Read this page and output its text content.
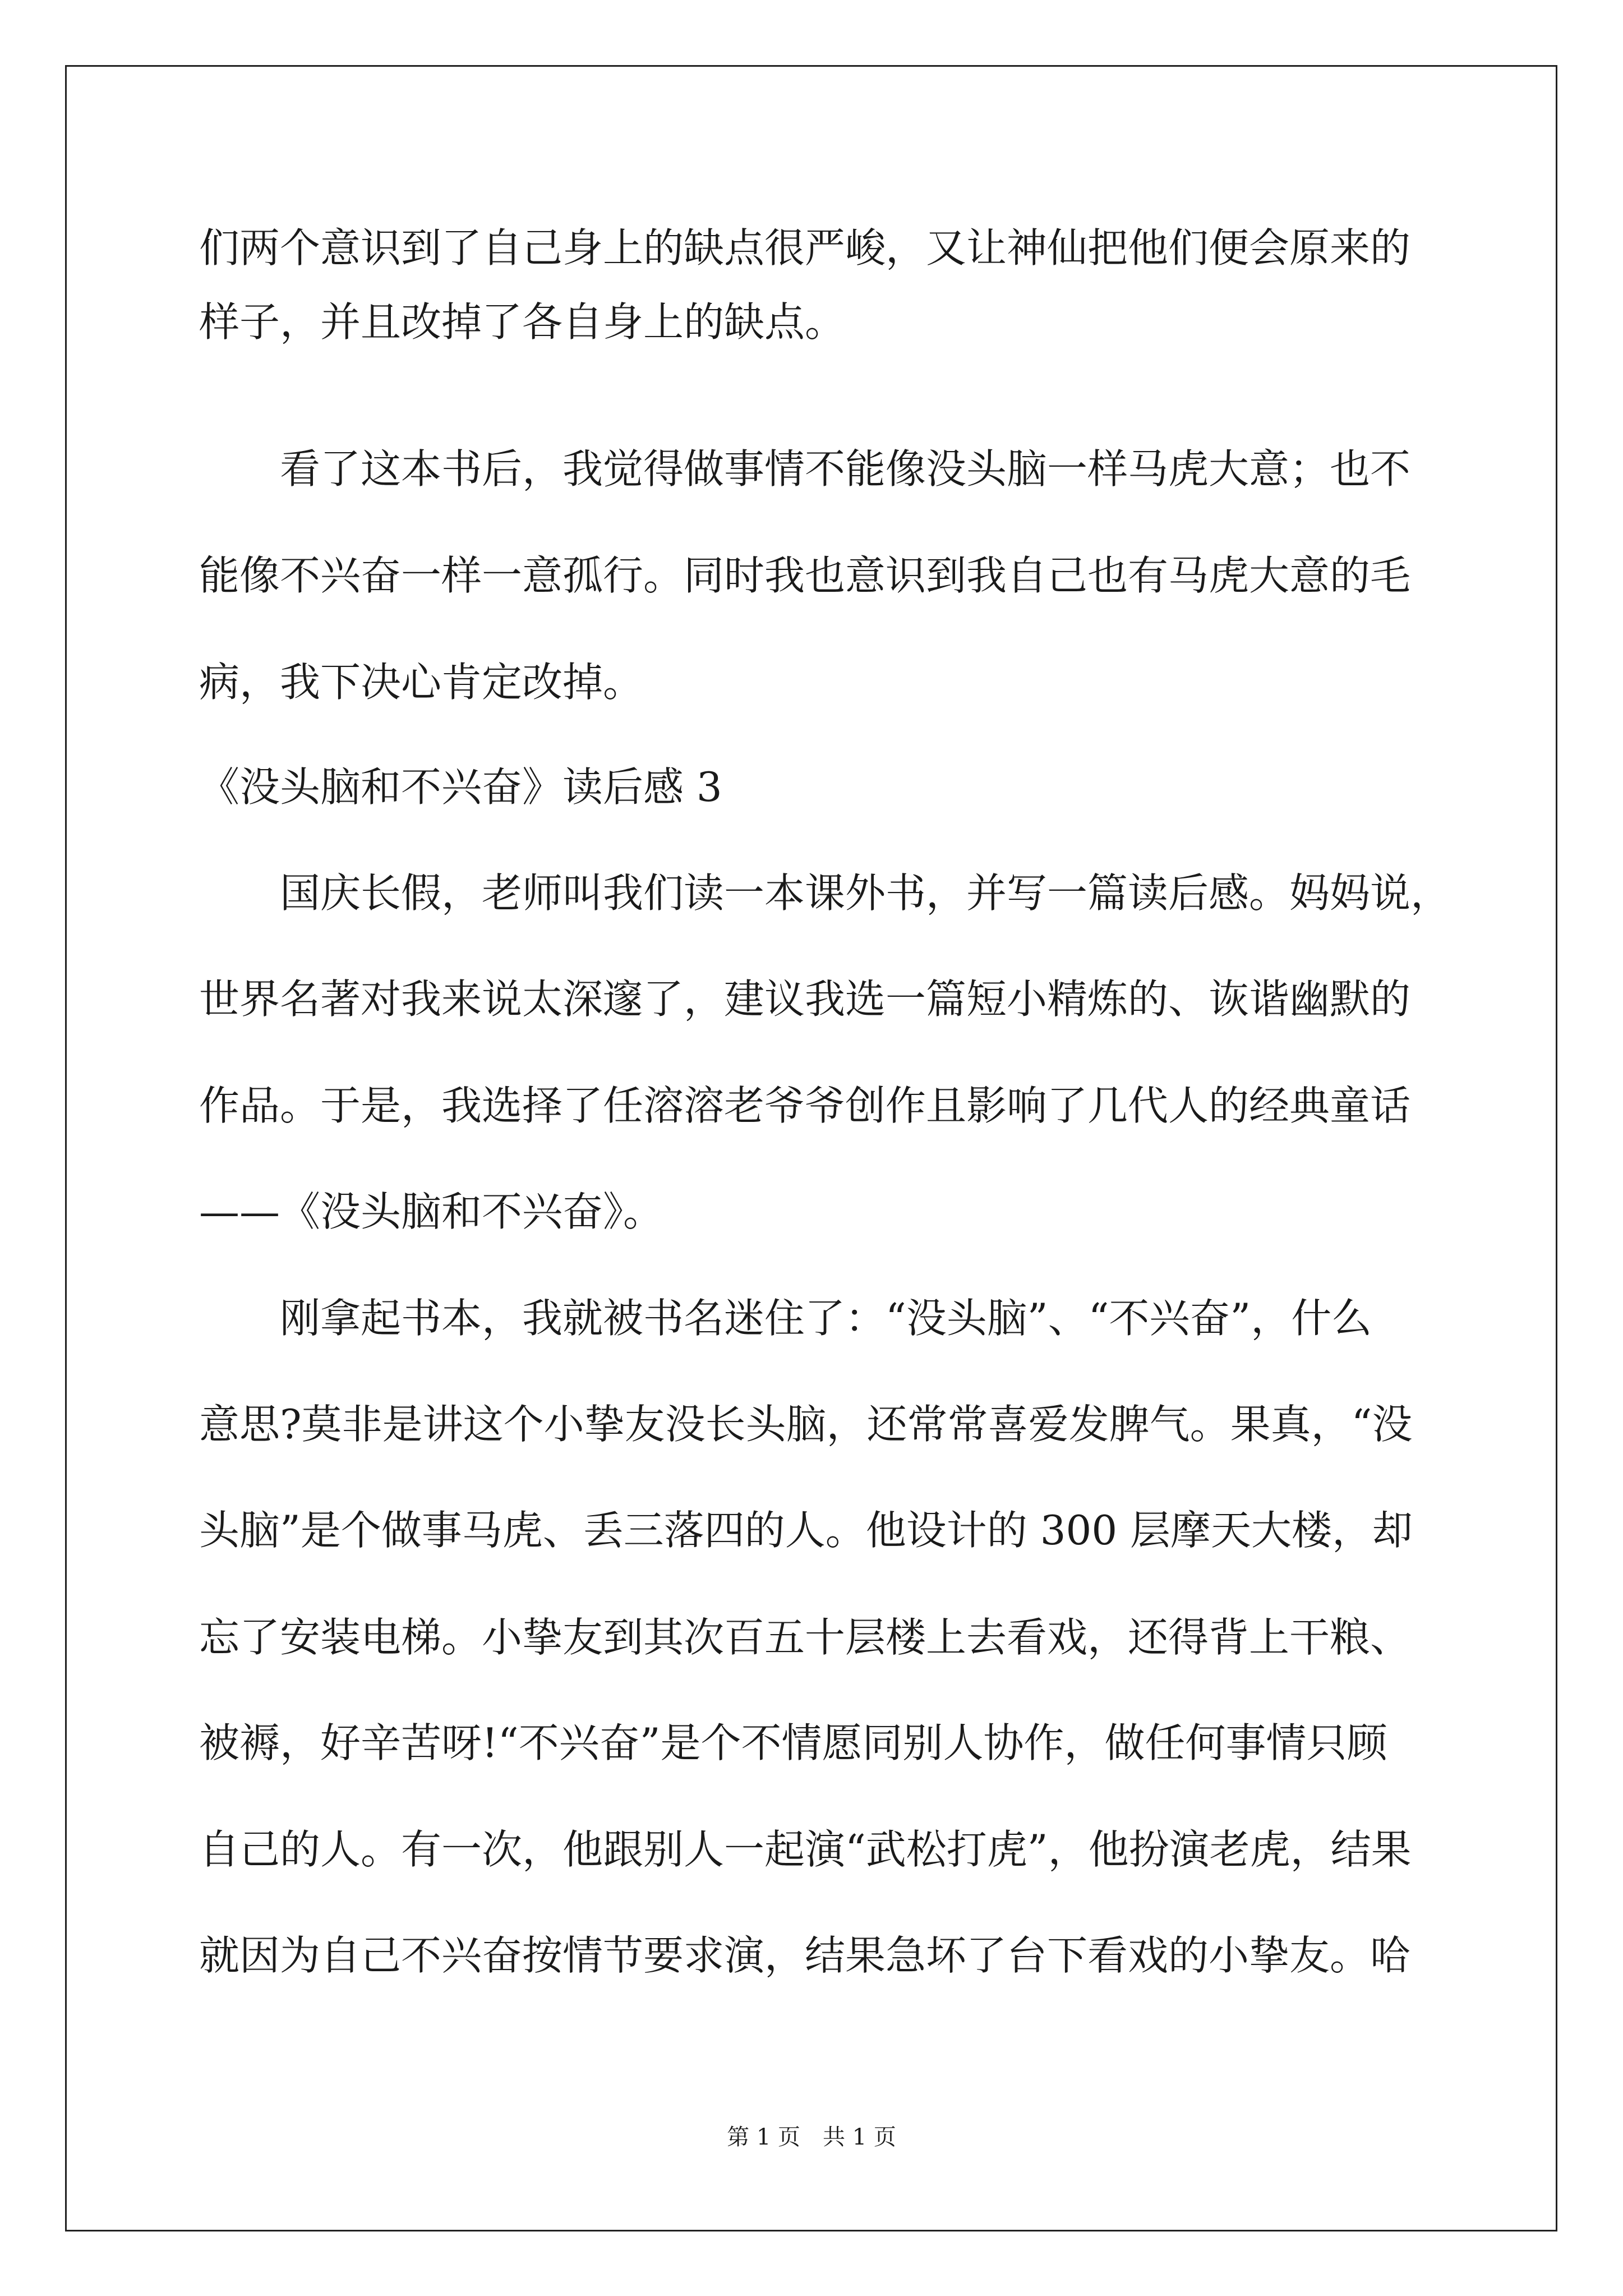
们两个意识到了自己身上的缺点很严峻，又让神仙把他们便会原来的

样子，并且改掉了各自身上的缺点。

看了这本书后，我觉得做事情不能像没头脑一样马虎大意；也不

能像不兴奋一样一意孤行。同时我也意识到我自己也有马虎大意的毛

病，我下决心肯定改掉。

《没头脑和不兴奋》读后感 3

国庆长假，老师叫我们读一本课外书，并写一篇读后感。妈妈说，

世界名著对我来说太深邃了，建议我选一篇短小精炼的、诙谐幽默的

作品。于是，我选择了任溶溶老爷爷创作且影响了几代人的经典童话

——《没头脑和不兴奋》。

刚拿起书本，我就被书名迷住了：“没头脑”、“不兴奋”，什么

意思?莫非是讲这个小挚友没长头脑，还常常喜爱发脾气。果真，“没

头脑”是个做事马虎、丢三落四的人。他设计的 300 层摩天大楼，却

忘了安装电梯。小挚友到其次百五十层楼上去看戏，还得背上干粮、

被褥，好辛苦呀!“不兴奋”是个不情愿同别人协作，做任何事情只顾

自己的人。有一次，他跟别人一起演“武松打虎”，他扮演老虎，结果

就因为自己不兴奋按情节要求演，结果急坏了台下看戏的小挚友。哈

第 1 页　共 1 页
